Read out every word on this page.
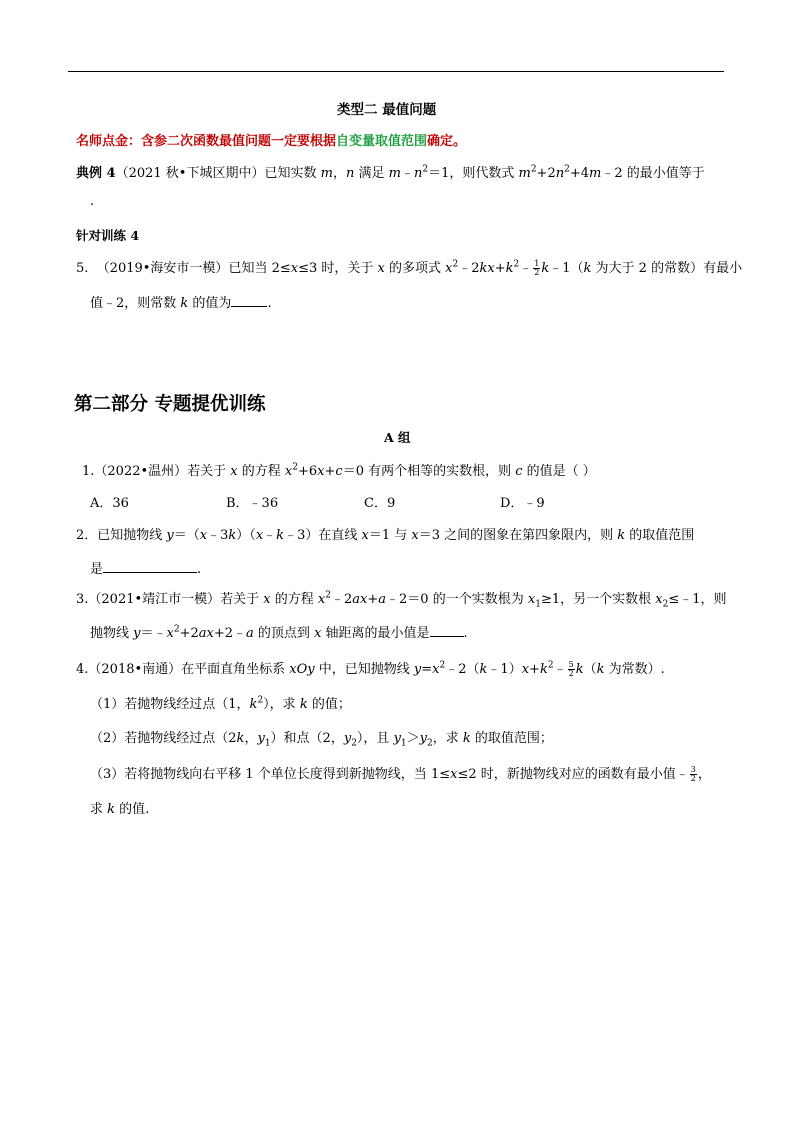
类型二 最值问题
名师点金：含参二次函数最值问题一定要根据自变量取值范围确定。
典例 4（2021 秋•下城区期中）已知实数 m，n 满足 $m﹣n^2=1$，则代数式 $m^2+2n^2+4m﹣2$ 的最小值等于
.
针对训练 4
5. （2019•海安市一模）已知当 2≤x≤3 时，关于 x 的多项式 $x^2﹣2kx+k^2﹣ \frac{1}{2}$ k﹣1（k 为大于 2 的常数）有最小
值﹣2，则常数 k 的值为	.
第二部分 专题提优训练
A 组
1.（2022•温州）若关于 x 的方程 $x^2+6x+c=0$ 有两个相等的实数根，则 c 的值是（ ）
A．36	B．﹣36	C．9	D．﹣9
2．已知抛物线 y＝（x﹣3k）（x﹣k﹣3）在直线 x＝1 与 x＝3 之间的图象在第四象限内，则 k 的取值范围
是	.
3.（2021•靖江市一模）若关于 x 的方程 $x^2﹣2ax+a﹣2=0$ 的一个实数根为 $x_1\ge 1$，另一个实数根 $x_2\le﹣1$，则
抛物线 $y=﹣x^2+2ax+2﹣a$ 的顶点到 x 轴距离的最小值是	.
4.（2018•南通）在平面直角坐标系 xOy 中，已知抛物线 $y=x^2﹣2(k﹣1)x+k^2﹣ \frac{5}{2} k(k$ 为常数）.
（1）若抛物线经过点（1，$k^2$），求 k 的值；
（2）若抛物线经过点（2k，$y_1$）和点（2，$y_2$），且 $y_1>y_2$，求 k 的取值范围；
（3）若将抛物线向右平移 1 个单位长度得到新抛物线，当 1≤x≤2 时，新抛物线对应的函数有最小值﹣ $\frac{3}{2}$ ，
求 k 的值.
